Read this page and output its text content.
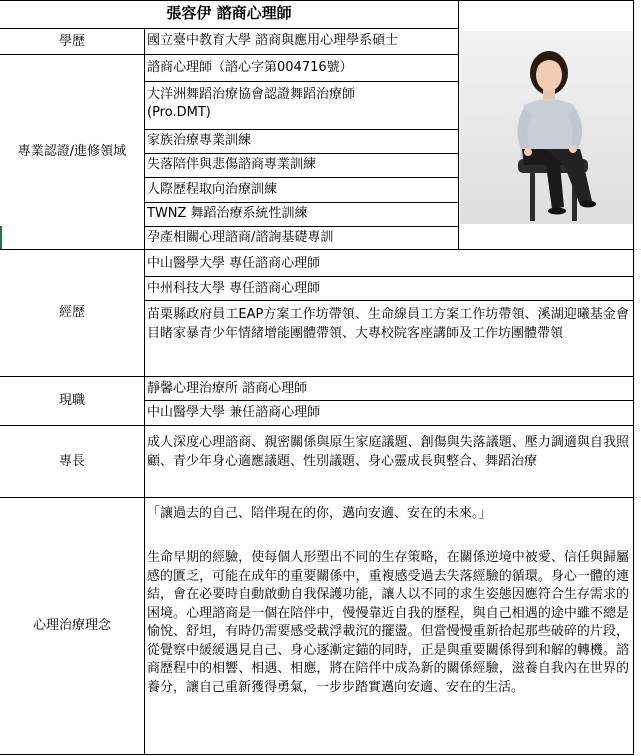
張容伊 諮商心理師
學歷
專業認證/進修領域
經歷
現職
專長
心理治療理念
國立臺中教育大學 諮商與應用心理學系碩士
諮商心理師（諮心字第004716號）
大洋洲舞蹈治療協會認證舞蹈治療師
(Pro.DMT)
家族治療專業訓練
失落陪伴與悲傷諮商專業訓練
人際歷程取向治療訓練
TWNZ 舞蹈治療系統性訓練
孕產相關心理諮商/諮詢基礎專訓
中山醫學大學 專任諮商心理師
中州科技大學 專任諮商心理師
苗栗縣政府員工EAP方案工作坊帶領、生命線員工方案工作坊帶領、溪湖迎曦基金會目睹家暴青少年情緒增能團體帶領、大專校院客座講師及工作坊團體帶領
靜馨心理治療所 諮商心理師
中山醫學大學 兼任諮商心理師
成人深度心理諮商、親密關係與原生家庭議題、創傷與失落議題、壓力調適與自我照顧、青少年身心適應議題、性別議題、身心靈成長與整合、舞蹈治療
「讓過去的自己、陪伴現在的你，邁向安適、安在的未來。」
生命早期的經驗，使每個人形塑出不同的生存策略，在關係逆境中被愛、信任與歸屬感的匱乏，可能在成年的重要關係中，重複感受過去失落經驗的循環。身心一體的連結，會在必要時自動啟動自我保護功能，讓人以不同的求生姿態因應符合生存需求的困境。心理諮商是一個在陪伴中，慢慢靠近自我的歷程，與自己相遇的途中雖不總是愉悅、舒坦，有時仍需要感受載浮載沉的擺盪。但當慢慢重新拾起那些破碎的片段，從覺察中緩緩遇見自己、身心逐漸定錨的同時，正是與重要關係得到和解的轉機。諮商歷程中的相響、相遇、相應，將在陪伴中成為新的關係經驗，滋養自我內在世界的養分，讓自己重新獲得勇氣，一步步踏實邁向安適、安在的生活。
